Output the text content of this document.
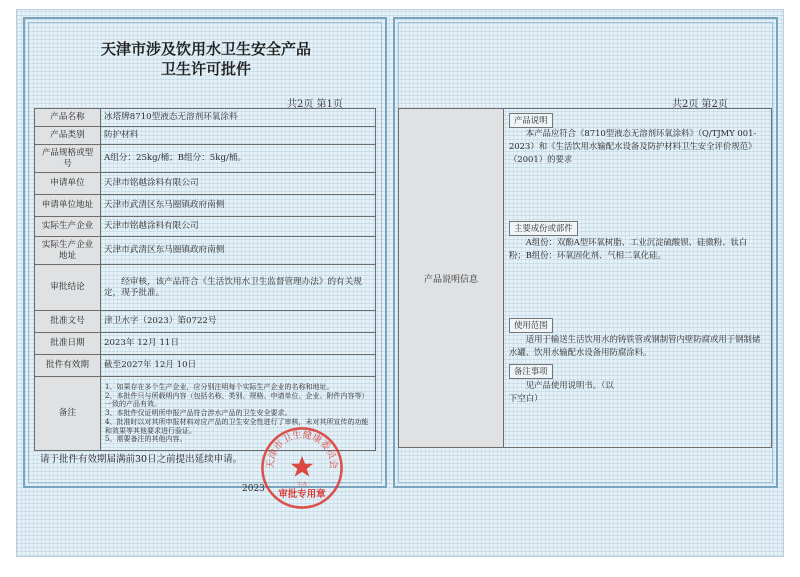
天津市涉及饮用水卫生安全产品
卫生许可批件
共2页 第1页	共2页 第2页
产品名称	冰塔牌8710型液态无溶剂环氧涂料
产品类别	防护材料
产品规格或型号	A组分：25kg/桶；B组分：5kg/桶。
申请单位	天津市铭越涂料有限公司
申请单位地址	天津市武清区东马圈镇政府南侧
实际生产企业	天津市铭越涂料有限公司
实际生产企业地址	天津市武清区东马圈镇政府南侧
审批结论	经审核，该产品符合《生活饮用水卫生监督管理办法》的有关规定，现予批准。
批准文号	津卫水字（2023）第0722号
批准日期	2023年 12月 11日
批件有效期	截至2027年 12月 10日
备注	1、如果存在多个生产企业，应分别注明每个实际生产企业的名称和地址。
2、本批件只与所载明内容（包括名称、类别、规格、申请单位、企业、附件内容等）一致的产品有效。
3、本批件仅证明所申报产品符合涉水产品的卫生安全要求。
4、批准时以对其所申报材料对应产品的卫生安全性进行了审核，未对其所宣传的功能和效果等其他要求进行验证。
5、需要备注的其他内容。
请于批件有效期届满前30日之前提出延续申请。
2023
天津市卫生健康委员会
主办
审批专用章
产品说明信息
产品说明
本产品应符合《8710型液态无溶剂环氧涂料》（Q/TJMY 001-2023）和《生活饮用水输配水设备及防护材料卫生安全评价规范》（2001）的要求
主要成份或部件
A组份：双酚A型环氧树脂、工业沉淀硫酸钡、硅微粉、钛白粉；B组份：环氧固化剂、气相二氧化硅。
使用范围
适用于输送生活饮用水的铸铁管或钢制管内壁防腐或用于钢制储水罐、饮用水输配水设备用防腐涂料。
备注事项
见产品使用说明书。（以下空白）
